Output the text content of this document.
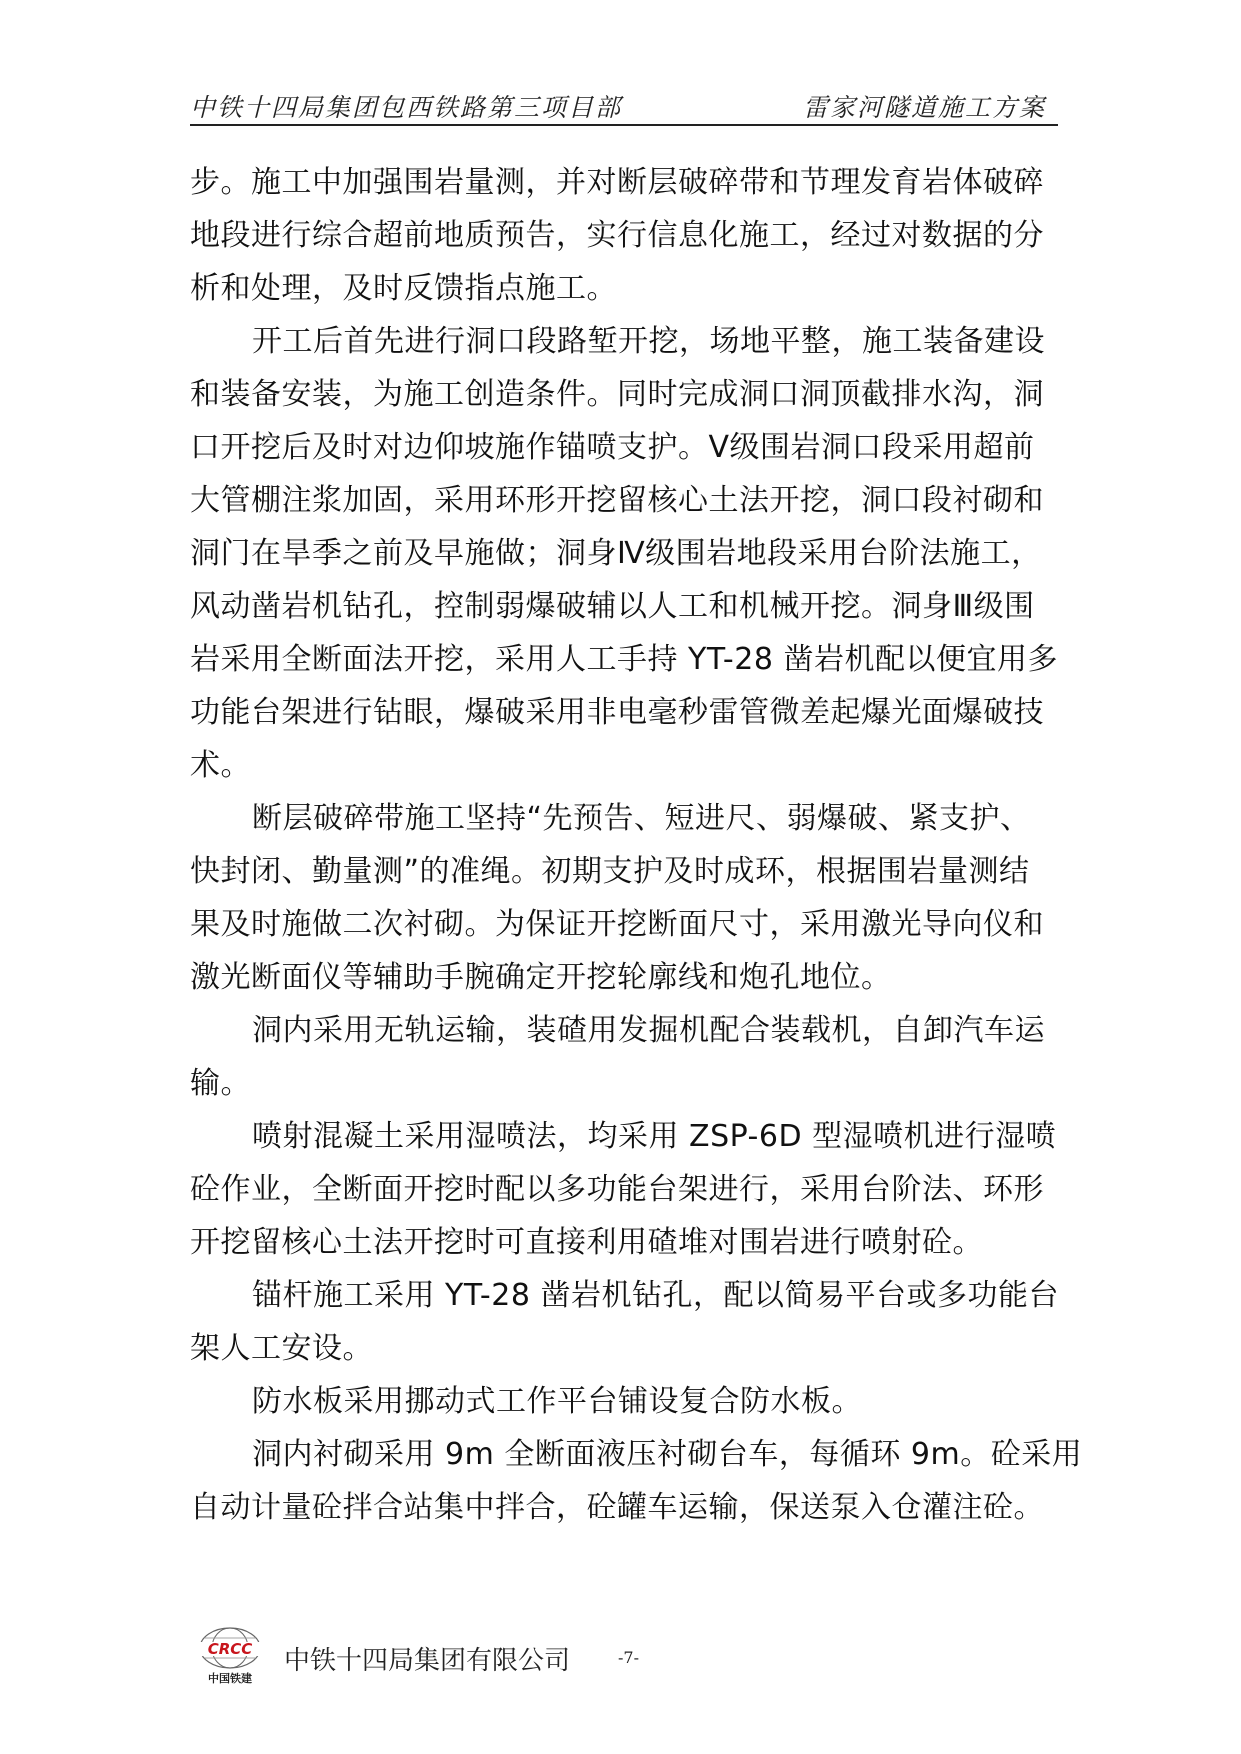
中铁十四局集团包西铁路第三项目部	雷家河隧道施工方案
步。施工中加强围岩量测，并对断层破碎带和节理发育岩体破碎
地段进行综合超前地质预告，实行信息化施工，经过对数据的分
析和处理，及时反馈指点施工。
开工后首先进行洞口段路堑开挖，场地平整，施工装备建设
和装备安装，为施工创造条件。同时完成洞口洞顶截排水沟，洞
口开挖后及时对边仰坡施作锚喷支护。Ⅴ级围岩洞口段采用超前
大管棚注浆加固，采用环形开挖留核心土法开挖，洞口段衬砌和
洞门在旱季之前及早施做；洞身Ⅳ级围岩地段采用台阶法施工，
风动凿岩机钻孔，控制弱爆破辅以人工和机械开挖。洞身Ⅲ级围
岩采用全断面法开挖，采用人工手持 YT-28 凿岩机配以便宜用多
功能台架进行钻眼，爆破采用非电毫秒雷管微差起爆光面爆破技
术。
断层破碎带施工坚持“先预告、短进尺、弱爆破、紧支护、
快封闭、勤量测”的准绳。初期支护及时成环，根据围岩量测结
果及时施做二次衬砌。为保证开挖断面尺寸，采用激光导向仪和
激光断面仪等辅助手腕确定开挖轮廓线和炮孔地位。
洞内采用无轨运输，装碴用发掘机配合装载机，自卸汽车运
输。
喷射混凝土采用湿喷法，均采用 ZSP-6D 型湿喷机进行湿喷
砼作业，全断面开挖时配以多功能台架进行，采用台阶法、环形
开挖留核心土法开挖时可直接利用碴堆对围岩进行喷射砼。
锚杆施工采用 YT-28 凿岩机钻孔，配以简易平台或多功能台
架人工安设。
防水板采用挪动式工作平台铺设复合防水板。
洞内衬砌采用 9m 全断面液压衬砌台车，每循环 9m。砼采用
自动计量砼拌合站集中拌合，砼罐车运输，保送泵入仓灌注砼。
CRCC
中国铁建
中铁十四局集团有限公司	-7-
